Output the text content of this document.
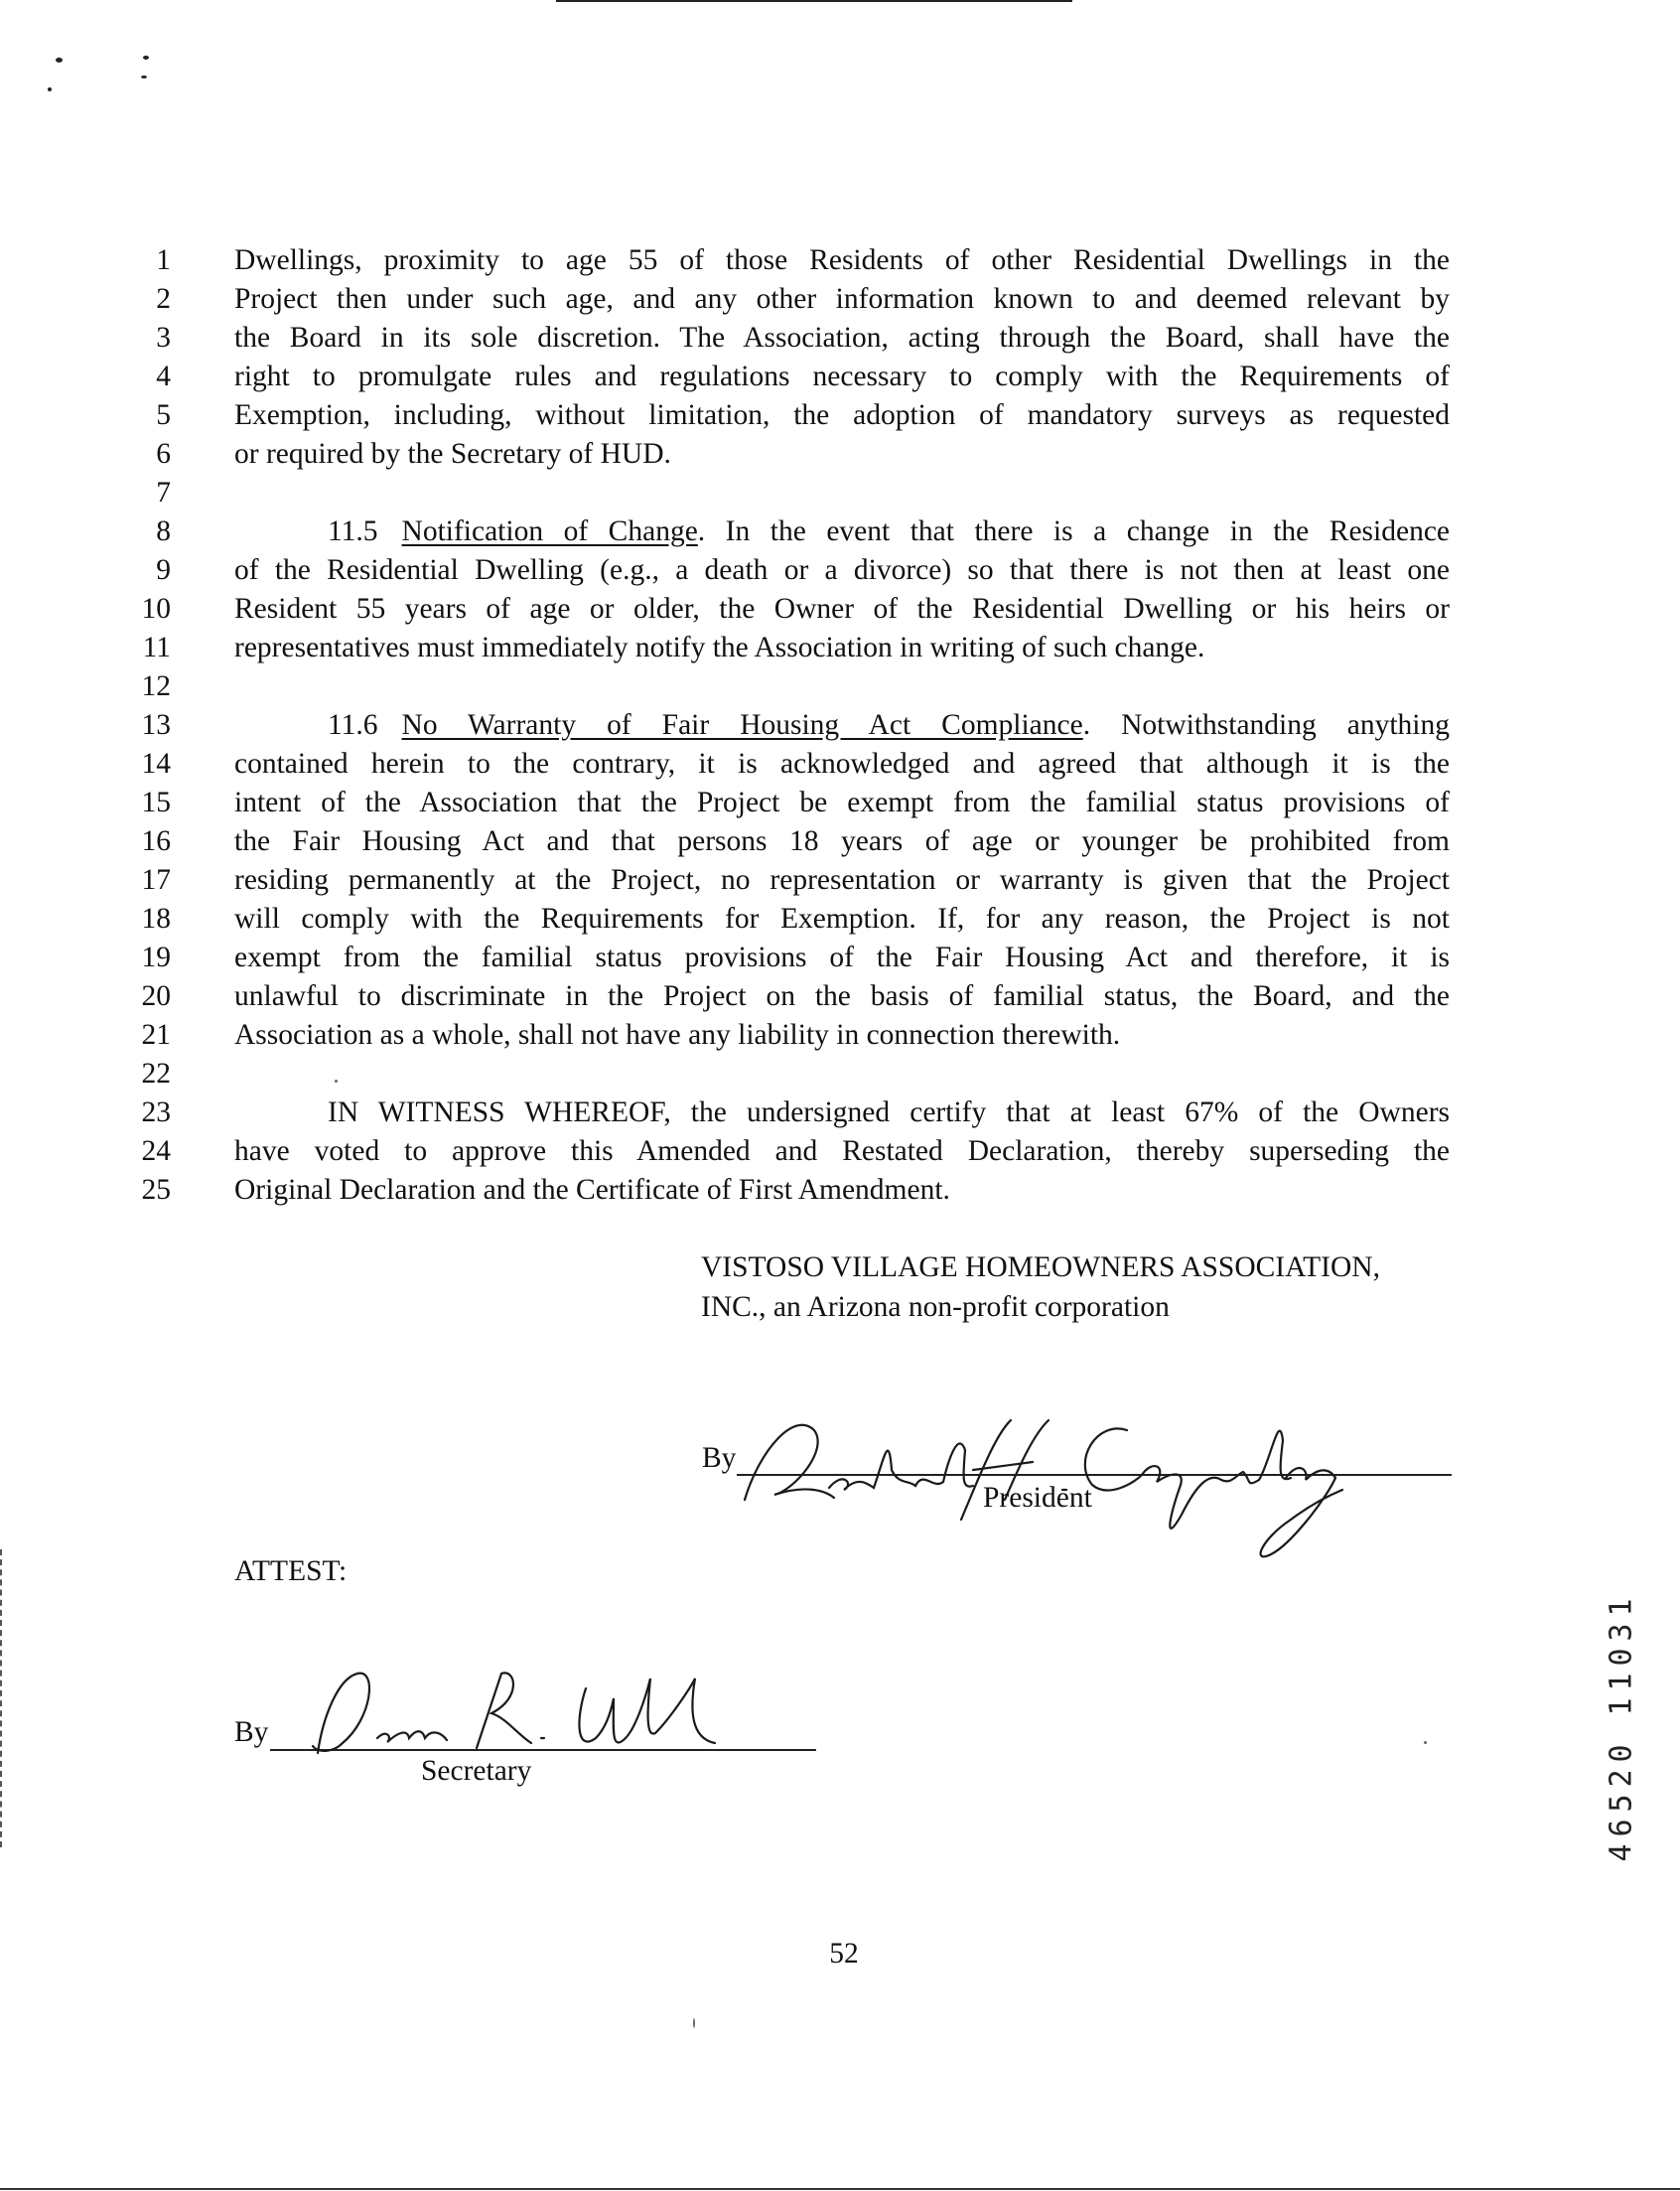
1 Dwellings, proximity to age 55 of those Residents of other Residential Dwellings in the
2 Project then under such age, and any other information known to and deemed relevant by
3 the Board in its sole discretion. The Association, acting through the Board, shall have the
4 right to promulgate rules and regulations necessary to comply with the Requirements of
5 Exemption, including, without limitation, the adoption of mandatory surveys as requested
6 or required by the Secretary of HUD.
7
8	11.5 Notification of Change. In the event that there is a change in the Residence
9 of the Residential Dwelling (e.g., a death or a divorce) so that there is not then at least one
10 Resident 55 years of age or older, the Owner of the Residential Dwelling or his heirs or
11 representatives must immediately notify the Association in writing of such change.
12
13	11.6 No Warranty of Fair Housing Act Compliance. Notwithstanding anything
14 contained herein to the contrary, it is acknowledged and agreed that although it is the
15 intent of the Association that the Project be exempt from the familial status provisions of
16 the Fair Housing Act and that persons 18 years of age or younger be prohibited from
17 residing permanently at the Project, no representation or warranty is given that the Project
18 will comply with the Requirements for Exemption. If, for any reason, the Project is not
19 exempt from the familial status provisions of the Fair Housing Act and therefore, it is
20 unlawful to discriminate in the Project on the basis of familial status, the Board, and the
21 Association as a whole, shall not have any liability in connection therewith.
22
23	IN WITNESS WHEREOF, the undersigned certify that at least 67% of the Owners
24 have voted to approve this Amended and Restated Declaration, thereby superseding the
25 Original Declaration and the Certificate of First Amendment.
VISTOSO VILLAGE HOMEOWNERS ASSOCIATION,
INC., an Arizona non-profit corporation
By
President
ATTEST:
By
Secretary
52
1
3
0
1
1
0
2
5
6
4
